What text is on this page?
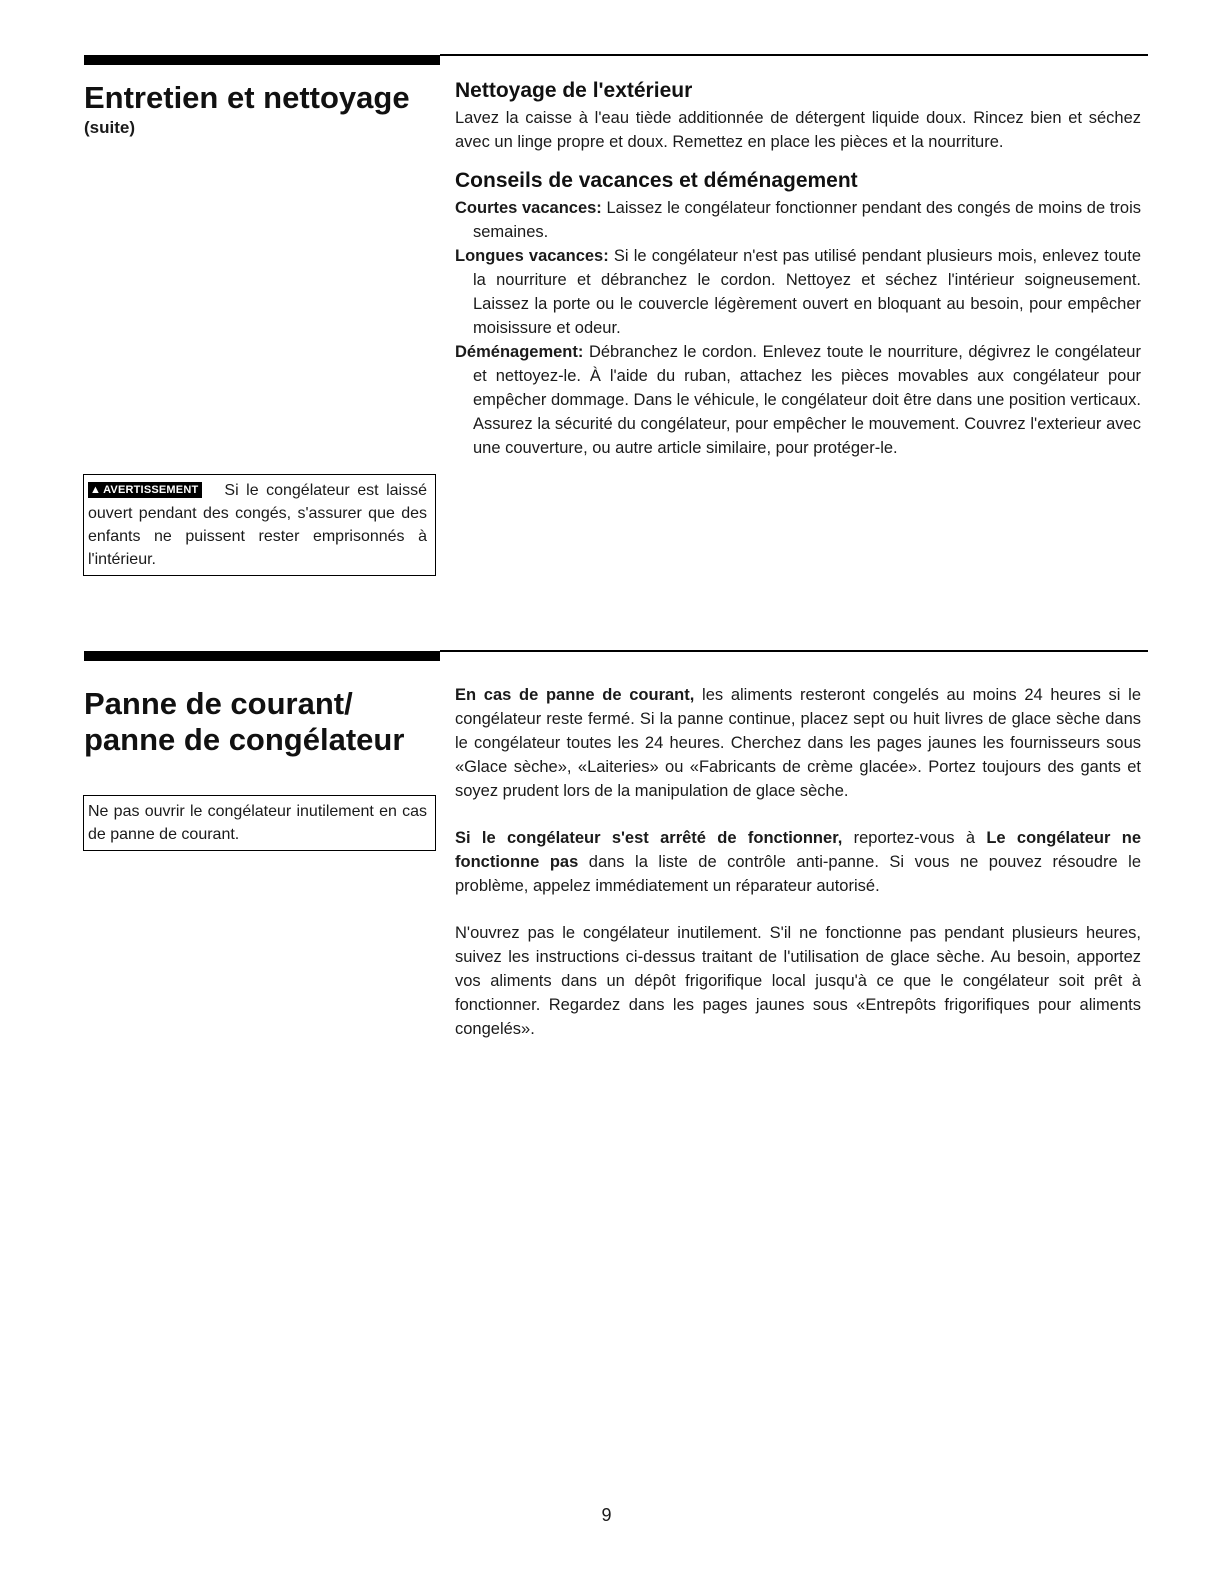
Entretien et nettoyage

(suite)

Nettoyage de l'extérieur

Lavez la caisse à l'eau tiède additionnée de détergent liquide doux. Rincez bien et séchez avec un linge propre et doux. Remettez en place les pièces et la nourriture.

Conseils de vacances et déménagement

Courtes vacances: Laissez le congélateur fonctionner pendant des congés de moins de trois semaines.

Longues vacances: Si le congélateur n'est pas utilisé pendant plusieurs mois, enlevez toute la nourriture et débranchez le cordon. Nettoyez et séchez l'intérieur soigneusement. Laissez la porte ou le couvercle légèrement ouvert en bloquant au besoin, pour empêcher moisissure et odeur.

Déménagement: Débranchez le cordon. Enlevez toute le nourriture, dégivrez le congélateur et nettoyez-le. À l'aide du ruban, attachez les pièces movables aux congélateur pour empêcher dommage. Dans le véhicule, le congélateur doit être dans une position verticaux. Assurez la sécurité du congélateur, pour empêcher le mouvement. Couvrez l'exterieur avec une couverture, ou autre article similaire, pour protéger-le.

▲ AVERTISSEMENT Si le congélateur est laissé ouvert pendant des congés, s'assurer que des enfants ne puissent rester emprisonnés à l'intérieur.
Panne de courant/
panne de congélateur
Ne pas ouvrir le congélateur inutilement en cas de panne de courant.

En cas de panne de courant, les aliments resteront congelés au moins 24 heures si le congélateur reste fermé. Si la panne continue, placez sept ou huit livres de glace sèche dans le congélateur toutes les 24 heures. Cherchez dans les pages jaunes les fournisseurs sous «Glace sèche», «Laiteries» ou «Fabricants de crème glacée». Portez toujours des gants et soyez prudent lors de la manipulation de glace sèche.

Si le congélateur s'est arrêté de fonctionner, reportez-vous à Le congélateur ne fonctionne pas dans la liste de contrôle anti-panne. Si vous ne pouvez résoudre le problème, appelez immédiatement un réparateur autorisé.

N'ouvrez pas le congélateur inutilement. S'il ne fonctionne pas pendant plusieurs heures, suivez les instructions ci-dessus traitant de l'utilisation de glace sèche. Au besoin, apportez vos aliments dans un dépôt frigorifique local jusqu'à ce que le congélateur soit prêt à fonctionner. Regardez dans les pages jaunes sous «Entrepôts frigorifiques pour aliments congelés».

9
